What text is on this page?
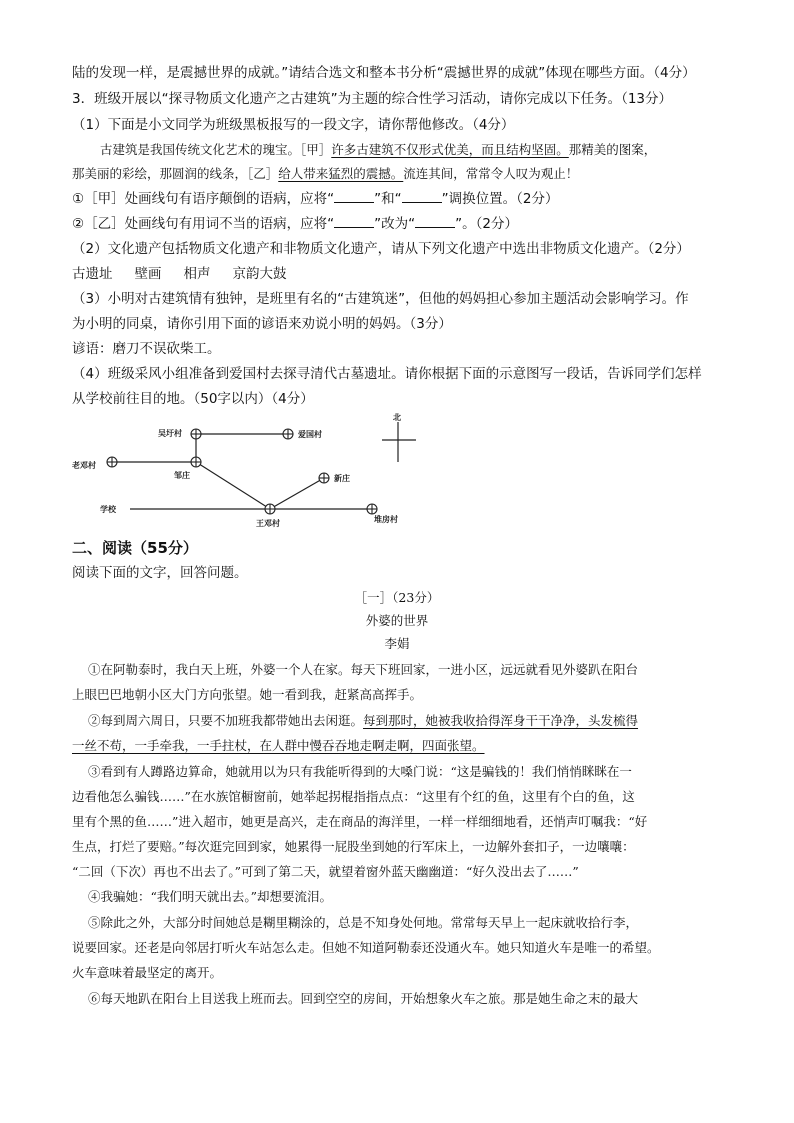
陆的发现一样，是震撼世界的成就。”请结合选文和整本书分析“震撼世界的成就”体现在哪些方面。（4分）
3．班级开展以“探寻物质文化遗产之古建筑”为主题的综合性学习活动，请你完成以下任务。（13分）
（1）下面是小文同学为班级黑板报写的一段文字，请你帮他修改。（4分）
古建筑是我国传统文化艺术的瑰宝。［甲］许多古建筑不仅形式优美，而且结构坚固。那精美的图案，
那美丽的彩绘，那圆润的线条，［乙］给人带来猛烈的震撼。流连其间，常常令人叹为观止！
①［甲］处画线句有语序颠倒的语病，应将“	”和“	”调换位置。（2分）
②［乙］处画线句有用词不当的语病，应将“	”改为“	”。（2分）
（2）文化遗产包括物质文化遗产和非物质文化遗产，请从下列文化遗产中选出非物质文化遗产。（2分）
古遗址 壁画 相声 京韵大鼓
（3）小明对古建筑情有独钟，是班里有名的“古建筑迷”，但他的妈妈担心参加主题活动会影响学习。作
为小明的同桌，请你引用下面的谚语来劝说小明的妈妈。（3分）
谚语：磨刀不误砍柴工。
（4）班级采风小组准备到爱国村去探寻清代古墓遗址。请你根据下面的示意图写一段话，告诉同学们怎样
从学校前往目的地。（50字以内）（4分）
吴圩村	爱国村
老邓村
邹庄	新庄
学校
王邓村	堆房村
北
二、阅读（55分）
阅读下面的文字，回答问题。
［一］（23分）
外婆的世界
李娟
①在阿勒泰时，我白天上班，外婆一个人在家。每天下班回家，一进小区，远远就看见外婆趴在阳台
上眼巴巴地朝小区大门方向张望。她一看到我，赶紧高高挥手。
②每到周六周日，只要不加班我都带她出去闲逛。每到那时，她被我收拾得浑身干干净净，头发梳得
一丝不苟，一手牵我，一手拄杖，在人群中慢吞吞地走啊走啊，四面张望。
③看到有人蹲路边算命，她就用以为只有我能听得到的大嗓门说：“这是骗钱的！我们悄悄眯眯在一
边看他怎么骗钱……”在水族馆橱窗前，她举起拐棍指指点点：“这里有个红的鱼，这里有个白的鱼，这
里有个黑的鱼……”进入超市，她更是高兴，走在商品的海洋里，一样一样细细地看，还悄声叮嘱我：“好
生点，打烂了要赔。”每次逛完回到家，她累得一屁股坐到她的行军床上，一边解外套扣子，一边嚷嚷：
“二回（下次）再也不出去了。”可到了第二天，就望着窗外蓝天幽幽道：“好久没出去了……”
④我骗她：“我们明天就出去。”却想要流泪。
⑤除此之外，大部分时间她总是糊里糊涂的，总是不知身处何地。常常每天早上一起床就收拾行李，
说要回家。还老是向邻居打听火车站怎么走。但她不知道阿勒泰还没通火车。她只知道火车是唯一的希望。
火车意味着最坚定的离开。
⑥每天地趴在阳台上目送我上班而去。回到空空的房间，开始想象火车之旅。那是她生命之末的最大
